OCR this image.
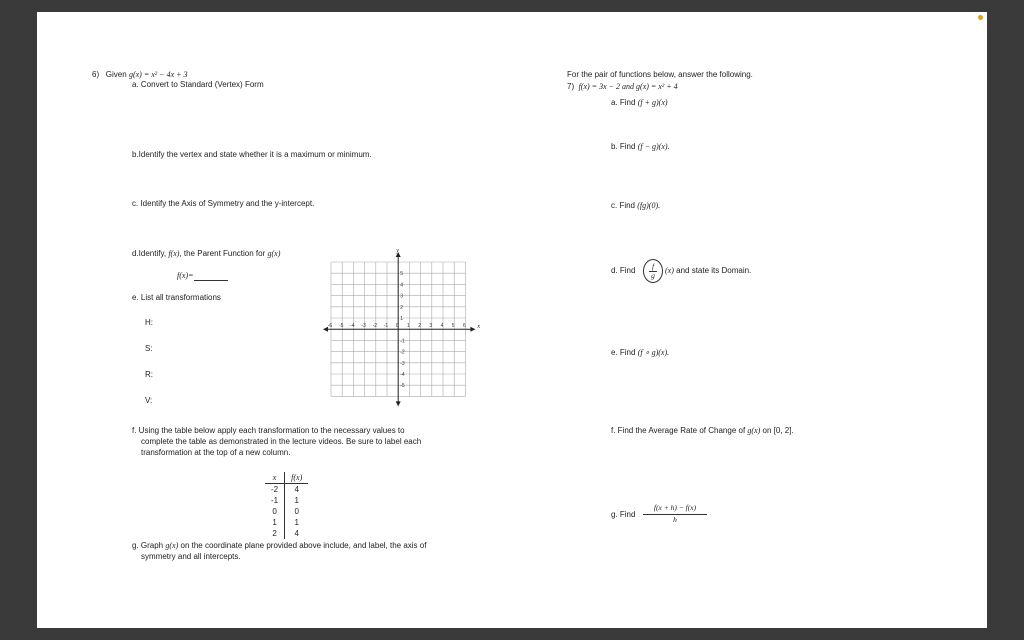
6) Given g(x) = x² − 4x + 3
a. Convert to Standard (Vertex) Form
b.Identify the vertex and state whether it is a maximum or minimum.
c. Identify the Axis of Symmetry and the y-intercept.
d.Identify, f(x), the Parent Function for g(x)
f(x)=
e. List all transformations
H:
S:
R:
V:
-6 -5 -4 -3 -2 -1 0 1 2 3 4 5 6
5
4
3
2
1
-1
-2
-3
-4
-5
x
y
f. Using the table below apply each transformation to the necessary values to
complete the table as demonstrated in the lecture videos. Be sure to label each
transformation at the top of a new column.
x	f(x)
-2	4
-1	1
0	0
1	1
2	4
g. Graph g(x) on the coordinate plane provided above include, and label, the axis of
symmetry and all intercepts.
For the pair of functions below, answer the following.
7) f(x) = 3x − 2 and g(x) = x² + 4
a. Find (f + g)(x)
b. Find (f − g)(x).
c. Find (fg)(0).
d. Find	f
g
(x) and state its Domain.
e. Find (f ∘ g)(x).
f. Find the Average Rate of Change of g(x) on [0, 2].
g. Find
f(x + h) − f(x)
h
